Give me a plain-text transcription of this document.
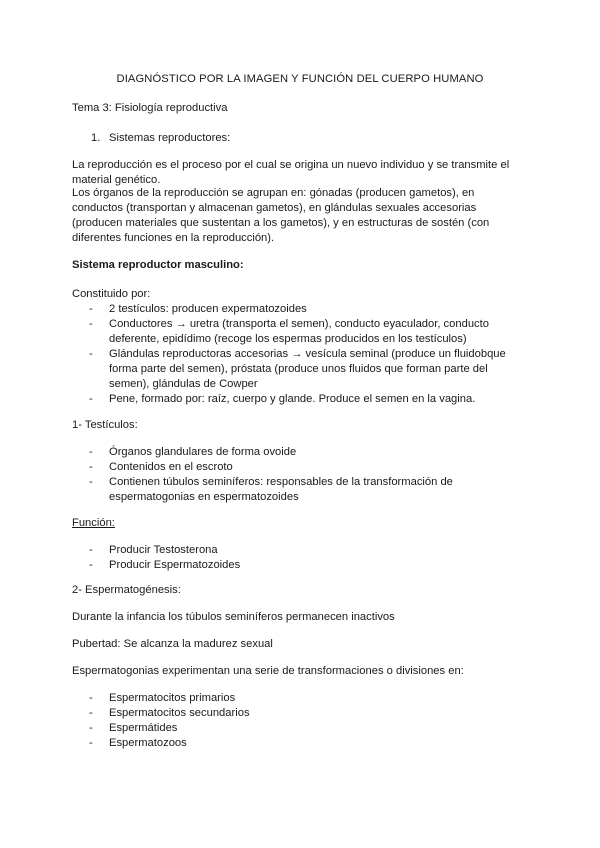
DIAGNÓSTICO POR LA IMAGEN Y FUNCIÓN DEL CUERPO HUMANO
Tema 3: Fisiología reproductiva
1. Sistemas reproductores:
La reproducción es el proceso por el cual se origina un nuevo individuo y se transmite el material genético.
Los órganos de la reproducción se agrupan en: gónadas (producen gametos), en conductos (transportan y almacenan gametos), en glándulas sexuales accesorias (producen materiales que sustentan a los gametos), y en estructuras de sostén (con diferentes funciones en la reproducción).
Sistema reproductor masculino:
Constituido por:
- 2 testículos: producen expermatozoides
- Conductores → uretra (transporta el semen), conducto eyaculador, conducto deferente, epidídimo (recoge los espermas producidos en los testículos)
- Glándulas reproductoras accesorias → vesícula seminal (produce un fluidobque forma parte del semen), próstata (produce unos fluidos que forman parte del semen), glándulas de Cowper
- Pene, formado por: raíz, cuerpo y glande. Produce el semen en la vagina.
1- Testículos:
- Órganos glandulares de forma ovoide
- Contenidos en el escroto
- Contienen túbulos seminíferos: responsables de la transformación de espermatogonias en espermatozoides
Función:
- Producir Testosterona
- Producir Espermatozoides
2- Espermatogénesis:
Durante la infancia los túbulos seminíferos permanecen inactivos
Pubertad: Se alcanza la madurez sexual
Espermatogonias experimentan una serie de transformaciones o divisiones en:
- Espermatocitos primarios
- Espermatocitos secundarios
- Espermátides
- Espermatozoos
